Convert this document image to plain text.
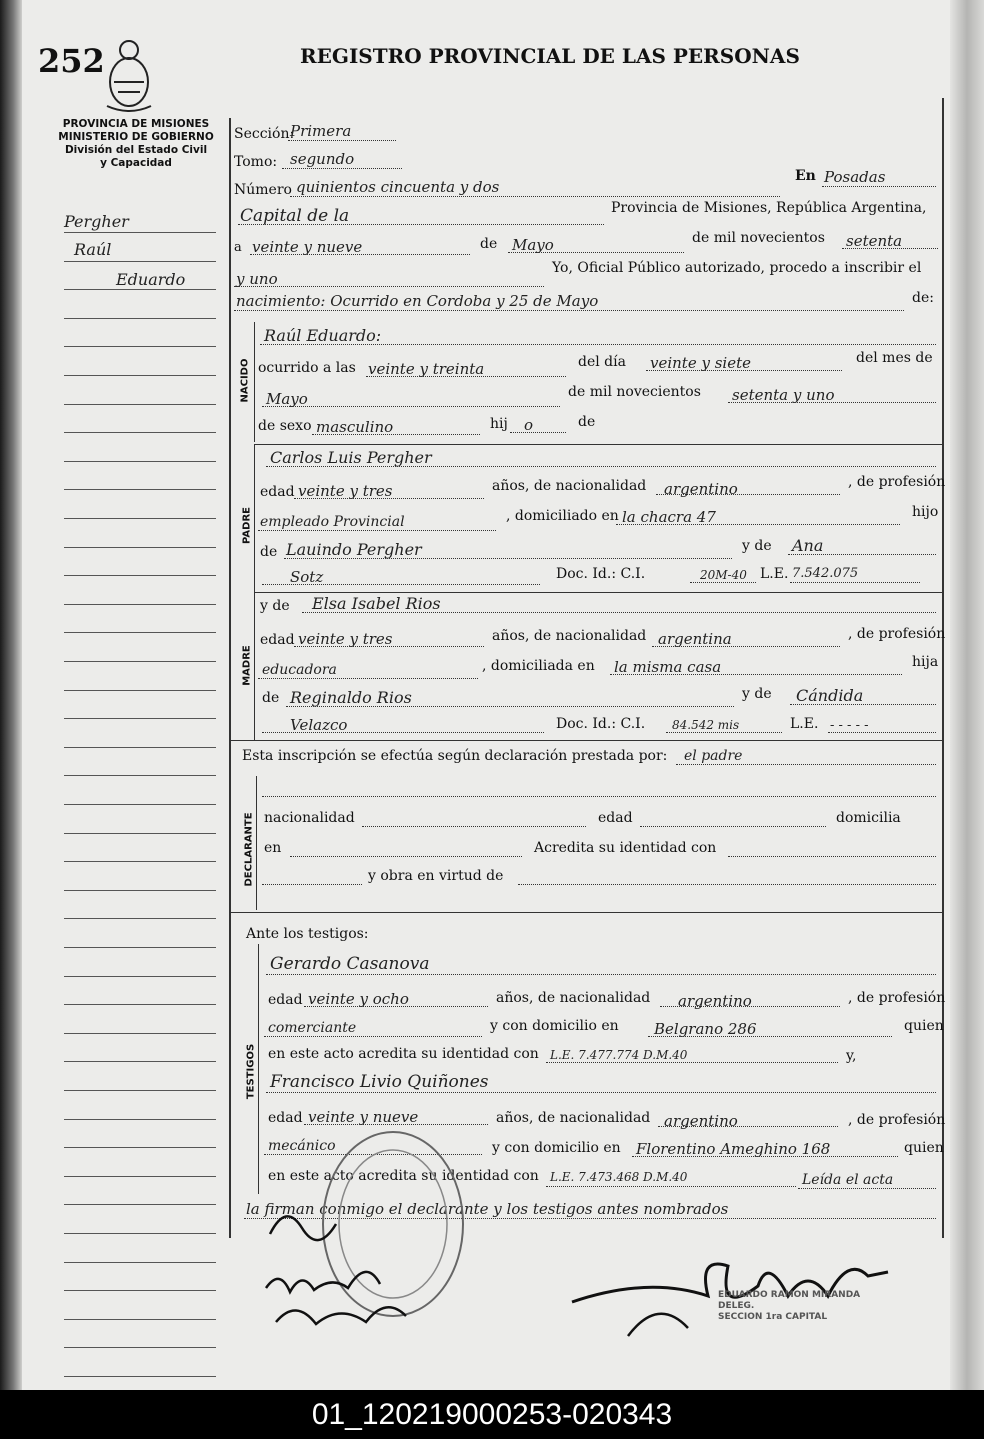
252	REGISTRO PROVINCIAL DE LAS PERSONAS
PROVINCIA DE MISIONES
MINISTERIO DE GOBIERNO
División del Estado Civil
y Capacidad
Pergher
Raúl
Eduardo
Sección:
Primera
Tomo: segundo
Número quinientos cincuenta y dos
En Posadas
Capital de la	Provincia de Misiones, República Argentina,
a veinte y nueve	de Mayo	de mil novecientos setenta
y uno
Yo, Oficial Público autorizado, procedo a inscribir el
nacimiento: Ocurrido en Cordoba y 25 de Mayo	de:
NACIDO
Raúl Eduardo:
ocurrido a las veinte y treinta	del día veinte y siete	del mes de
Mayo	de mil novecientos setenta y uno
de sexo masculino	hij o	de
PADRE
Carlos Luis Pergher
edad veinte y tres	años, de nacionalidad argentino	, de profesión
empleado Provincial	, domiciliado en la chacra 47	hijo
de Lauindo Pergher	y de Ana
Sotz	Doc. Id.: C.I.	20M-40 L.E. 7.542.075
MADRE
y de Elsa Isabel Rios
edad veinte y tres	años, de nacionalidad argentina	, de profesión
educadora	, domiciliada en la misma casa	hija
de Reginaldo Rios	y de Cándida
Velazco	Doc. Id.: C.I. 84.542 mis	L.E. - - - - -
Esta inscripción se efectúa según declaración prestada por: el padre
DECLARANTE nacionalidad	edad	domicilia
en	Acredita su identidad con
y obra en virtud de
Ante los testigos:
TESTIGOS
Gerardo Casanova
edad veinte y ocho	años, de nacionalidad argentino	, de profesión
comerciante	y con domicilio en Belgrano 286	quien
en este acto acredita su identidad con L.E. 7.477.774 D.M.40	y,
Francisco Livio Quiñones
edad veinte y nueve	años, de nacionalidad argentino	, de profesión
mecánico	y con domicilio en Florentino Ameghino 168	quien
en este acto acredita su identidad con L.E. 7.473.468 D.M.40	Leída el acta
la firman conmigo el declarante y los testigos antes nombrados
EDUARDO RAMON MIRANDA
DELEG.
SECCION 1ra CAPITAL
01_120219000253-020343
